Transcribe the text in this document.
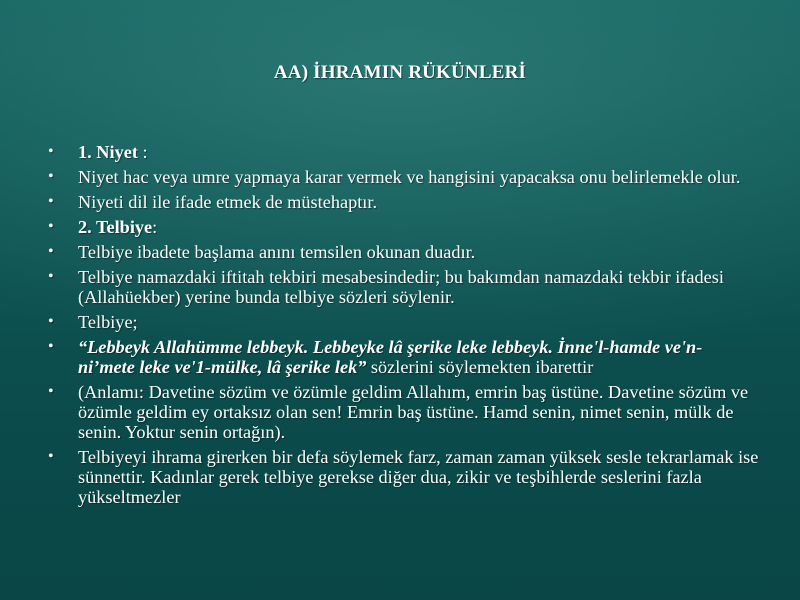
AA) İHRAMIN RÜKÜNLERİ
• 1. Niyet :
• Niyet hac veya umre yapmaya karar vermek ve hangisini yapacaksa onu belirlemekle olur.
• Niyeti dil ile ifade etmek de müstehaptır.
• 2. Telbiye:
• Telbiye ibadete başlama anını temsilen okunan duadır.
• Telbiye namazdaki iftitah tekbiri mesabesindedir; bu bakımdan namazdaki tekbir ifadesi (Allahüekber) yerine bunda telbiye sözleri söylenir.
• Telbiye;
• “Lebbeyk Allahümme lebbeyk. Lebbeyke lâ şerike leke lebbeyk. İnne'l-hamde ve'n-ni’mete leke ve'1-mülke, lâ şerike lek” sözlerini söylemekten ibarettir
• (Anlamı: Davetine sözüm ve özümle geldim Allahım, emrin baş üstüne. Davetine sözüm ve özümle geldim ey ortaksız olan sen! Emrin baş üstüne. Hamd senin, nimet senin, mülk de senin. Yoktur senin ortağın).
• Telbiyeyi ihrama girerken bir defa söylemek farz, zaman zaman yüksek sesle tekrarlamak ise sünnettir. Kadınlar gerek telbiye gerekse diğer dua, zikir ve teşbihlerde seslerini fazla yükseltmezler
